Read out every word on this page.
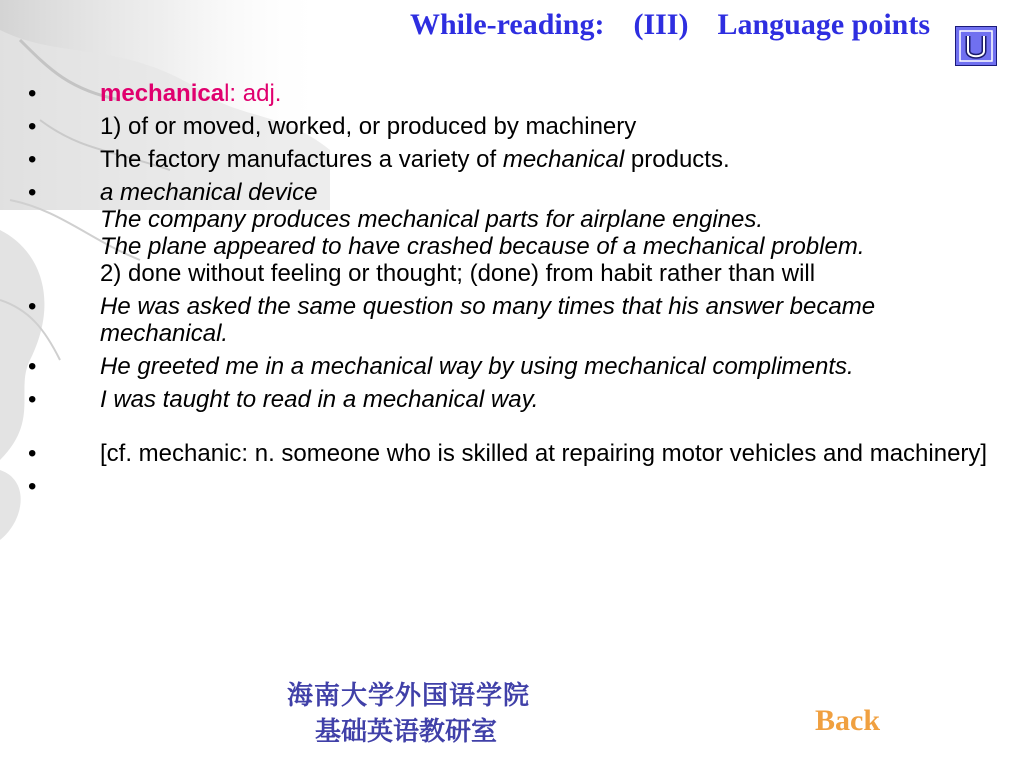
While-reading: (III) Language points
•	mechanical: adj.
•	1) of or moved, worked, or produced by machinery
•	The factory manufactures a variety of mechanical products.
•	a mechanical device
The company produces mechanical parts for airplane engines.
The plane appeared to have crashed because of a mechanical problem.
2) done without feeling or thought; (done) from habit rather than will
•	He was asked the same question so many times that his answer became mechanical.
•	He greeted me in a mechanical way by using mechanical compliments.
•	I was taught to read in a mechanical way.
•	[cf. mechanic: n. someone who is skilled at repairing motor vehicles and machinery]
•
海南大学外国语学院
基础英语教研室	Back
